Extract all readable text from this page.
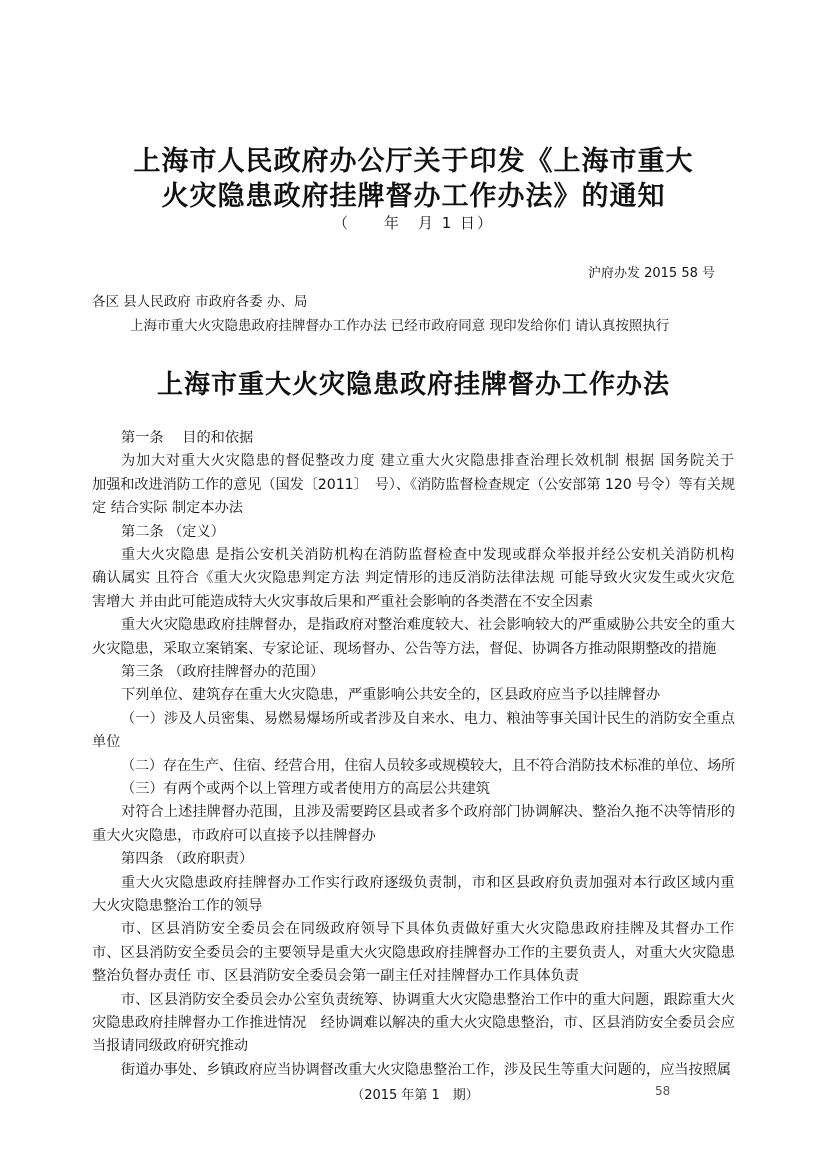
上海市人民政府办公厅关于印发《上海市重大
火灾隐患政府挂牌督办工作办法》的通知
（　　年　月 1 日）
沪府办发 2015 58 号
各区 县人民政府 市政府各委 办、局
上海市重大火灾隐患政府挂牌督办工作办法 已经市政府同意 现印发给你们 请认真按照执行
上海市重大火灾隐患政府挂牌督办工作办法
第一条　 目的和依据
为加大对重大火灾隐患的督促整改力度 建立重大火灾隐患排查治理长效机制 根据 国务院关于
加强和改进消防工作的意见（国发〔2011〕　号）、《消防监督检查规定（公安部第 120 号令）等有关规
定 结合实际 制定本办法
第二条 （定义）
重大火灾隐患 是指公安机关消防机构在消防监督检查中发现或群众举报并经公安机关消防机构
确认属实 且符合《重大火灾隐患判定方法 判定情形的违反消防法律法规 可能导致火灾发生或火灾危
害增大 并由此可能造成特大火灾事故后果和严重社会影响的各类潜在不安全因素
重大火灾隐患政府挂牌督办，是指政府对整治难度较大、社会影响较大的严重威胁公共安全的重大
火灾隐患，采取立案销案、专家论证、现场督办、公告等方法，督促、协调各方推动限期整改的措施
第三条 （政府挂牌督办的范围）
下列单位、建筑存在重大火灾隐患，严重影响公共安全的，区县政府应当予以挂牌督办
（一）涉及人员密集、易燃易爆场所或者涉及自来水、电力、粮油等事关国计民生的消防安全重点
单位
（二）存在生产、住宿、经营合用，住宿人员较多或规模较大，且不符合消防技术标准的单位、场所
（三）有两个或两个以上管理方或者使用方的高层公共建筑
对符合上述挂牌督办范围，且涉及需要跨区县或者多个政府部门协调解决、整治久拖不决等情形的
重大火灾隐患，市政府可以直接予以挂牌督办
第四条 （政府职责）
重大火灾隐患政府挂牌督办工作实行政府逐级负责制，市和区县政府负责加强对本行政区域内重
大火灾隐患整治工作的领导
市、区县消防安全委员会在同级政府领导下具体负责做好重大火灾隐患政府挂牌及其督办工作
市、区县消防安全委员会的主要领导是重大火灾隐患政府挂牌督办工作的主要负责人，对重大火灾隐患
整治负督办责任 市、区县消防安全委员会第一副主任对挂牌督办工作具体负责
市、区县消防安全委员会办公室负责统筹、协调重大火灾隐患整治工作中的重大问题，跟踪重大火
灾隐患政府挂牌督办工作推进情况　经协调难以解决的重大火灾隐患整治，市、区县消防安全委员会应
当报请同级政府研究推动
街道办事处、乡镇政府应当协调督改重大火灾隐患整治工作，涉及民生等重大问题的，应当按照属
（2015 年第 1　期）	58
